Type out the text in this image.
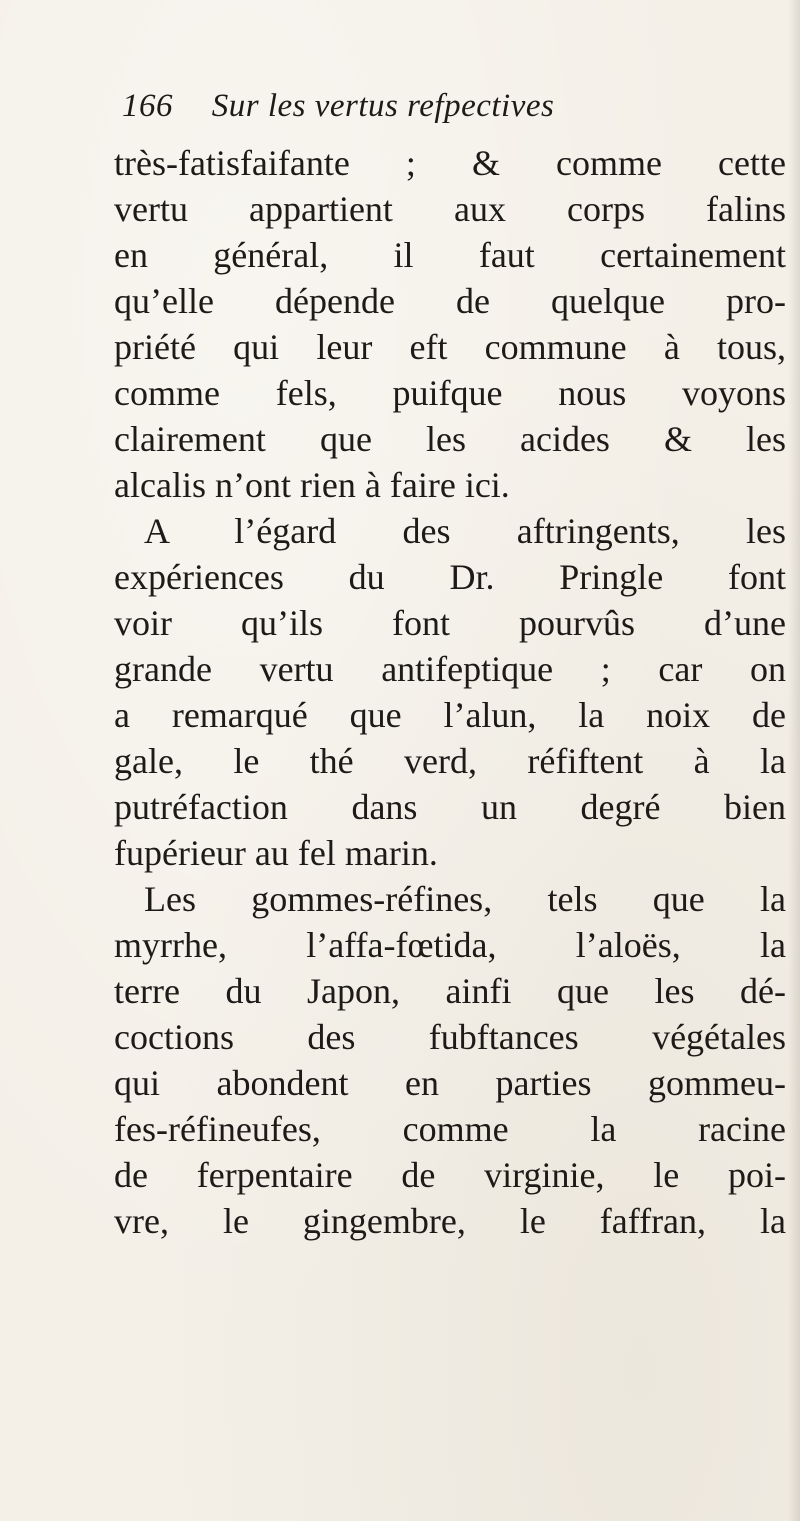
166 Sur les vertus refpectives
très-fatisfaifante ; & comme cette
vertu appartient aux corps falins
en général, il faut certainement
qu’elle dépende de quelque pro-
priété qui leur eft commune à tous,
comme fels, puifque nous voyons
clairement que les acides & les
alcalis n’ont rien à faire ici.
A l’égard des aftringents, les
expériences du Dr. Pringle font
voir qu’ils font pourvûs d’une
grande vertu antifeptique ; car on
a remarqué que l’alun, la noix de
gale, le thé verd, réfiftent à la
putréfaction dans un degré bien
fupérieur au fel marin.
Les gommes-réfines, tels que la
myrrhe, l’affa-fœtida, l’aloës, la
terre du Japon, ainfi que les dé-
coctions des fubftances végétales
qui abondent en parties gommeu-
fes-réfineufes, comme la racine
de ferpentaire de virginie, le poi-
vre, le gingembre, le faffran, la
